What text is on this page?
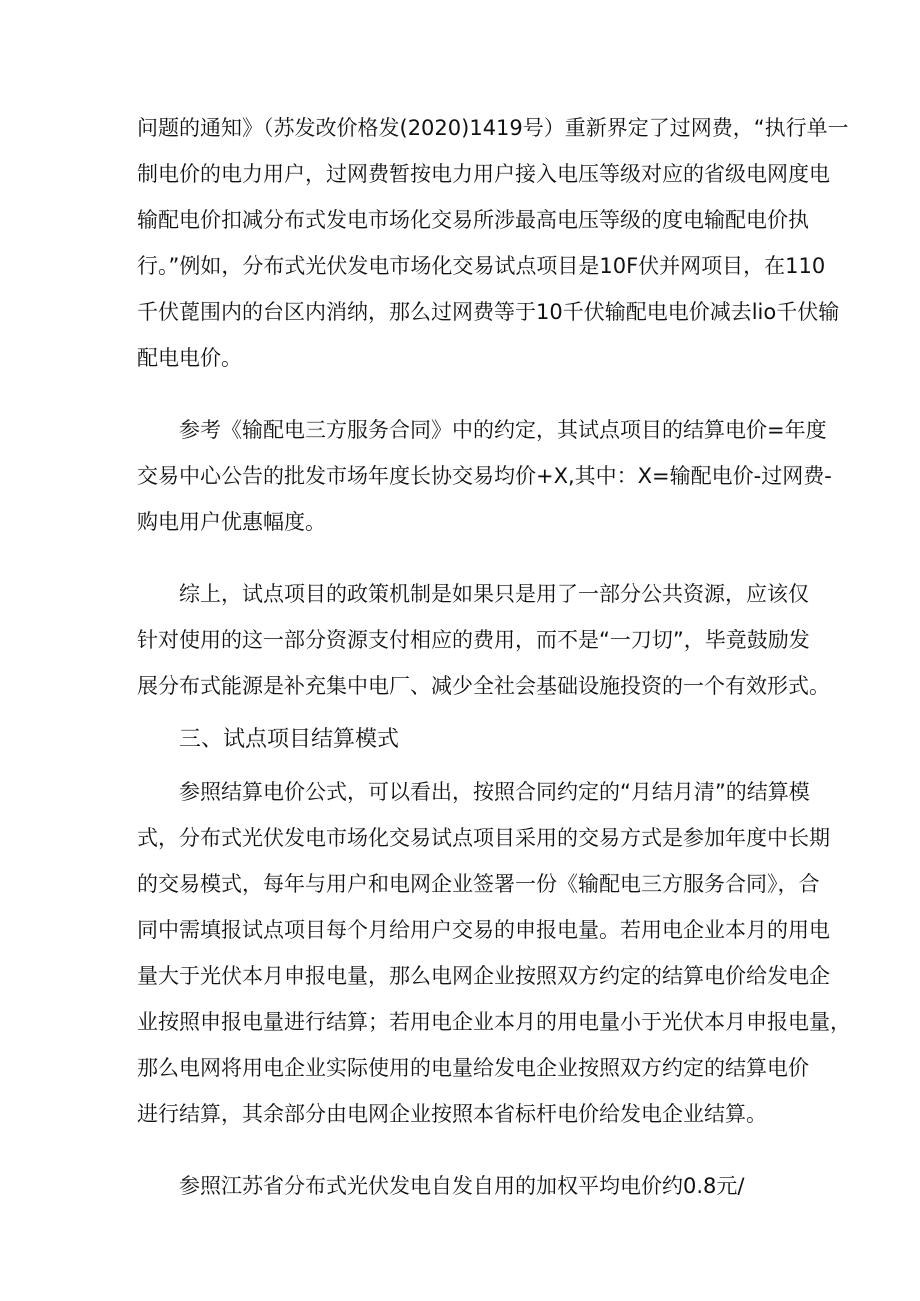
问题的通知》（苏发改价格发(2020)1419号）重新界定了过网费，“执行单一
制电价的电力用户，过网费暂按电力用户接入电压等级对应的省级电网度电
输配电价扣减分布式发电市场化交易所涉最高电压等级的度电输配电价执
行。”例如，分布式光伏发电市场化交易试点项目是10F伏并网项目，在110
千伏蓖围内的台区内消纳，那么过网费等于10千伏输配电电价减去lio千伏输
配电电价。
参考《输配电三方服务合同》中的约定，其试点项目的结算电价=年度
交易中心公告的批发市场年度长协交易均价+X,其中：X=输配电价-过网费-
购电用户优惠幅度。
综上，试点项目的政策机制是如果只是用了一部分公共资源，应该仅
针对使用的这一部分资源支付相应的费用，而不是“一刀切”，毕竟鼓励发
展分布式能源是补充集中电厂、减少全社会基础设施投资的一个有效形式。
三、试点项目结算模式
参照结算电价公式，可以看出，按照合同约定的“月结月清”的结算模
式，分布式光伏发电市场化交易试点项目采用的交易方式是参加年度中长期
的交易模式，每年与用户和电网企业签署一份《输配电三方服务合同》，合
同中需填报试点项目每个月给用户交易的申报电量。若用电企业本月的用电
量大于光伏本月申报电量，那么电网企业按照双方约定的结算电价给发电企
业按照申报电量进行结算；若用电企业本月的用电量小于光伏本月申报电量，
那么电网将用电企业实际使用的电量给发电企业按照双方约定的结算电价
进行结算，其余部分由电网企业按照本省标杆电价给发电企业结算。
参照江苏省分布式光伏发电自发自用的加权平均电价约0.8元/
